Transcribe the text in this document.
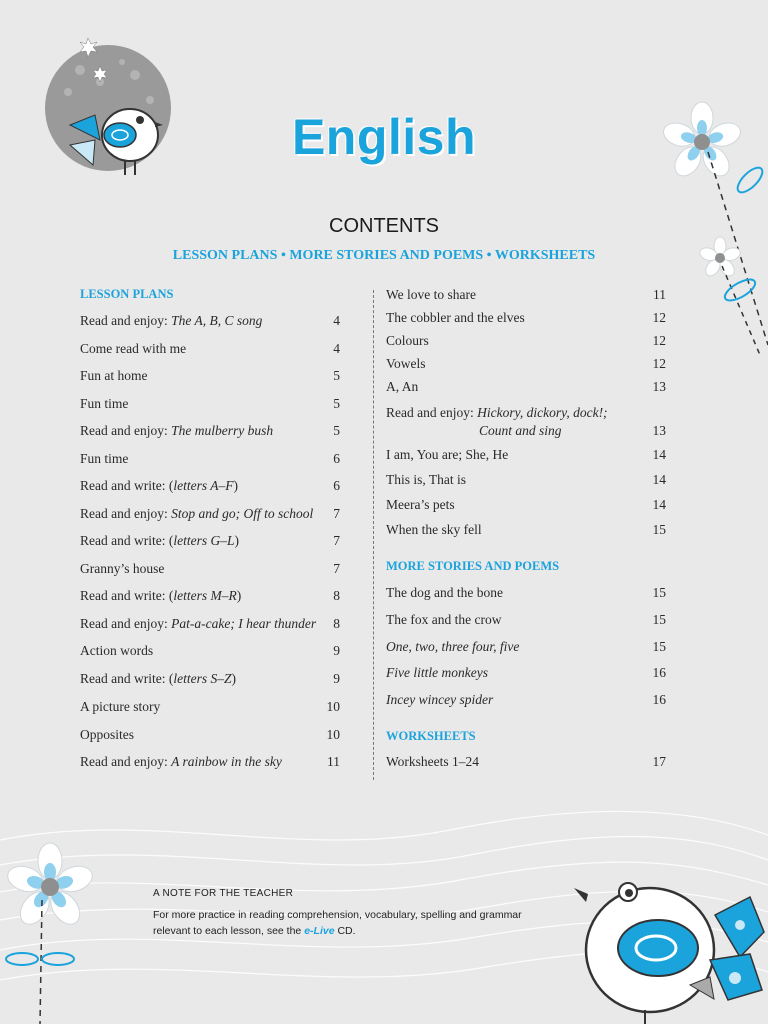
English
CONTENTS
LESSON PLANS • MORE STORIES AND POEMS • WORKSHEETS
LESSON PLANS
Read and enjoy: The A, B, C song	4
Come read with me	4
Fun at home	5
Fun time	5
Read and enjoy: The mulberry bush	5
Fun time	6
Read and write: (letters A–F)	6
Read and enjoy: Stop and go; Off to school	7
Read and write: (letters G–L)	7
Granny’s house	7
Read and write: (letters M–R)	8
Read and enjoy: Pat-a-cake; I hear thunder	8
Action words	9
Read and write: (letters S–Z)	9
A picture story	10
Opposites	10
Read and enjoy: A rainbow in the sky	11
We love to share	11
The cobbler and the elves	12
Colours	12
Vowels	12
A, An	13
Read and enjoy: Hickory, dickory, dock!;
Count and sing	13
I am, You are; She, He	14
This is, That is	14
Meera’s pets	14
When the sky fell	15
MORE STORIES AND POEMS
The dog and the bone	15
The fox and the crow	15
One, two, three four, five	15
Five little monkeys	16
Incey wincey spider	16
WORKSHEETS
Worksheets 1–24	17
A NOTE FOR THE TEACHER
For more practice in reading comprehension, vocabulary, spelling and grammar
relevant to each lesson, see the e-Live CD.
